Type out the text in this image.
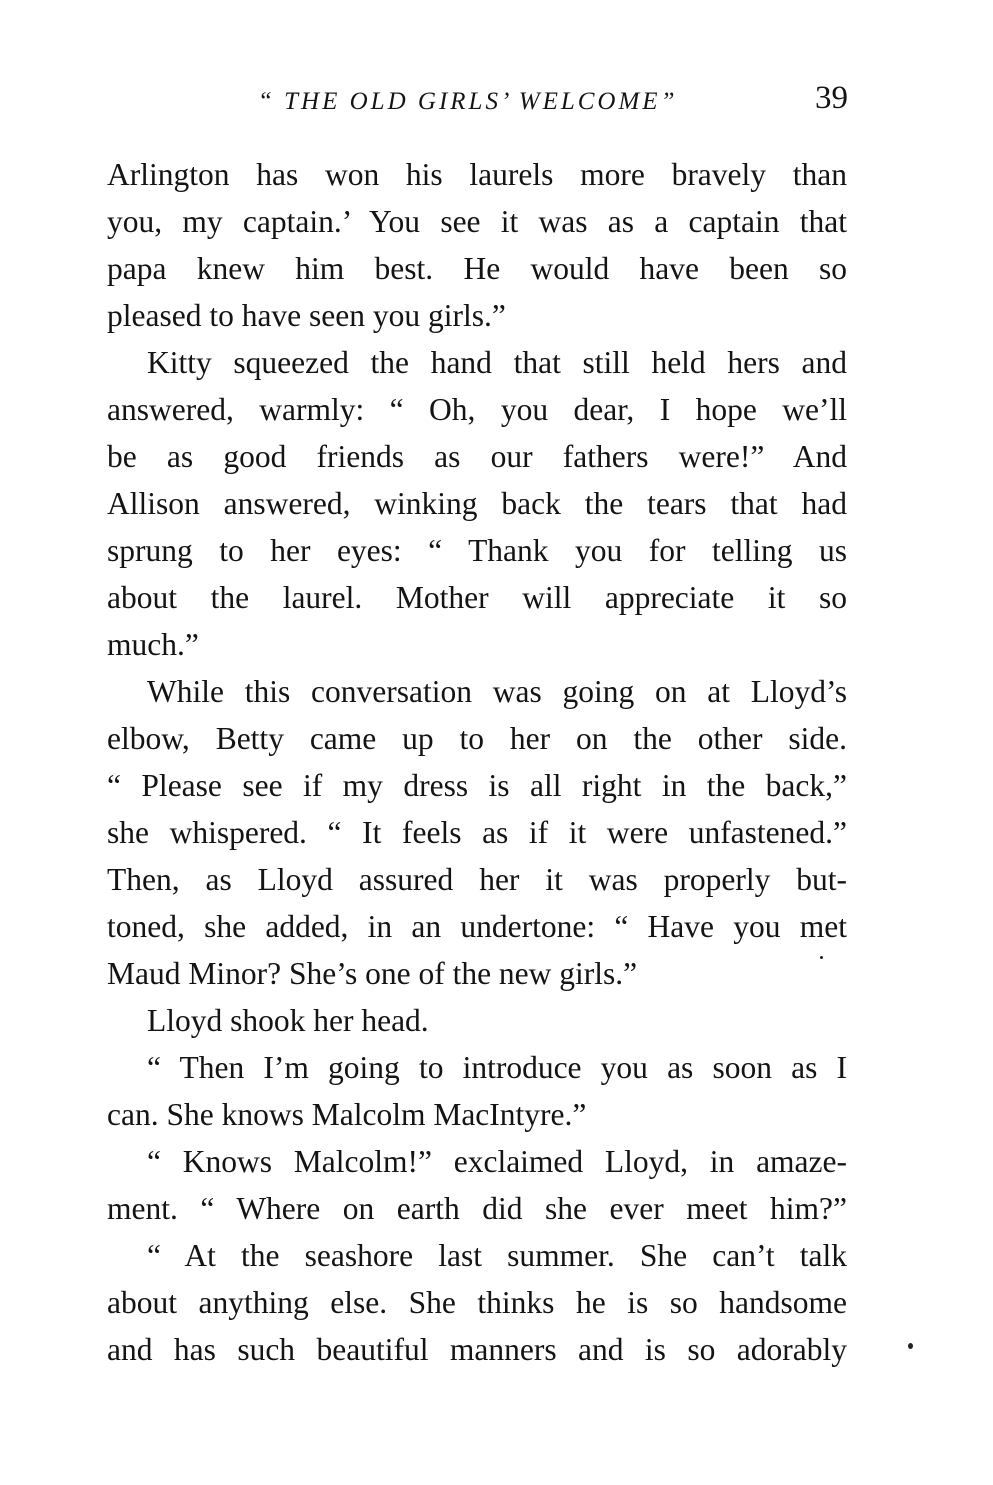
“ THE OLD GIRLS’ WELCOME”	39
Arlington has won his laurels more bravely than
you, my captain.’ You see it was as a captain that
papa knew him best. He would have been so
pleased to have seen you girls.”
Kitty squeezed the hand that still held hers and
answered, warmly: “ Oh, you dear, I hope we’ll
be as good friends as our fathers were!” And
Allison answered, winking back the tears that had
sprung to her eyes: “ Thank you for telling us
about the laurel. Mother will appreciate it so
much.”
While this conversation was going on at Lloyd’s
elbow, Betty came up to her on the other side.
“ Please see if my dress is all right in the back,”
she whispered. “ It feels as if it were unfastened.”
Then, as Lloyd assured her it was properly but-
toned, she added, in an undertone: “ Have you met
Maud Minor? She’s one of the new girls.”
Lloyd shook her head.
“ Then I’m going to introduce you as soon as I
can. She knows Malcolm MacIntyre.”
“ Knows Malcolm!” exclaimed Lloyd, in amaze-
ment. “ Where on earth did she ever meet him?”
“ At the seashore last summer. She can’t talk
about anything else. She thinks he is so handsome
and has such beautiful manners and is so adorably
